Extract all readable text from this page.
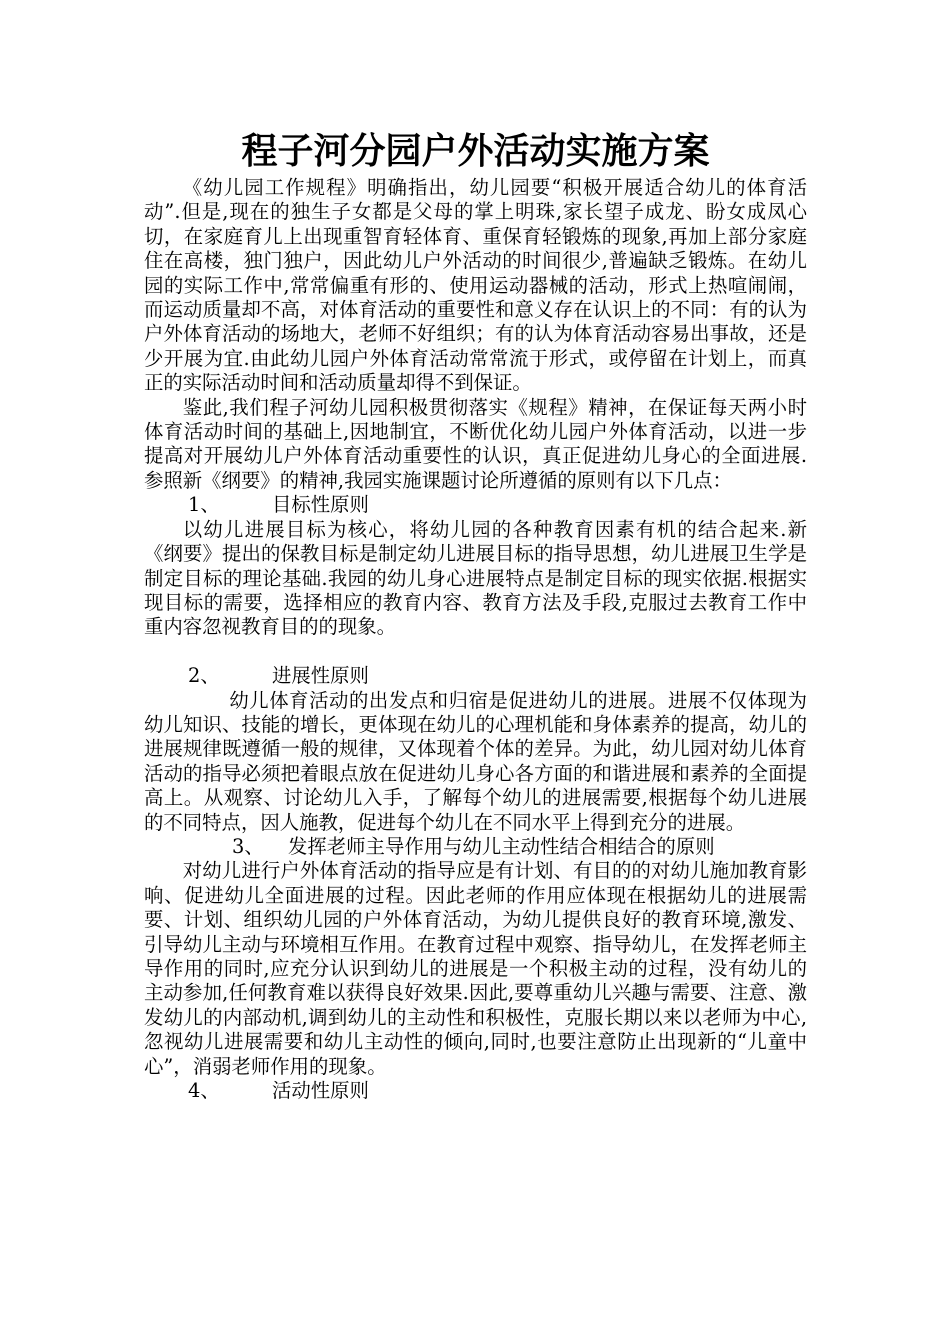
程子河分园户外活动实施方案

《幼儿园工作规程》明确指出，幼儿园要“积极开展适合幼儿的体育活动”.但是,现在的独生子女都是父母的掌上明珠,家长望子成龙、盼女成凤心切，在家庭育儿上出现重智育轻体育、重保育轻锻炼的现象,再加上部分家庭住在高楼，独门独户，因此幼儿户外活动的时间很少,普遍缺乏锻炼。在幼儿园的实际工作中,常常偏重有形的、使用运动器械的活动，形式上热喧闹闹，而运动质量却不高，对体育活动的重要性和意义存在认识上的不同：有的认为户外体育活动的场地大，老师不好组织；有的认为体育活动容易出事故，还是少开展为宜.由此幼儿园户外体育活动常常流于形式，或停留在计划上，而真正的实际活动时间和活动质量却得不到保证。

鉴此,我们程子河幼儿园积极贯彻落实《规程》精神，在保证每天两小时体育活动时间的基础上,因地制宜，不断优化幼儿园户外体育活动，以进一步提高对开展幼儿户外体育活动重要性的认识，真正促进幼儿身心的全面进展.参照新《纲要》的精神,我园实施课题讨论所遵循的原则有以下几点：

1、	目标性原则

以幼儿进展目标为核心，将幼儿园的各种教育因素有机的结合起来.新《纲要》提出的保教目标是制定幼儿进展目标的指导思想，幼儿进展卫生学是制定目标的理论基础.我园的幼儿身心进展特点是制定目标的现实依据.根据实现目标的需要，选择相应的教育内容、教育方法及手段,克服过去教育工作中重内容忽视教育目的的现象。

2、	进展性原则

幼儿体育活动的出发点和归宿是促进幼儿的进展。进展不仅体现为幼儿知识、技能的增长，更体现在幼儿的心理机能和身体素养的提高，幼儿的进展规律既遵循一般的规律，又体现着个体的差异。为此，幼儿园对幼儿体育活动的指导必须把着眼点放在促进幼儿身心各方面的和谐进展和素养的全面提高上。从观察、讨论幼儿入手，了解每个幼儿的进展需要,根据每个幼儿进展的不同特点，因人施教，促进每个幼儿在不同水平上得到充分的进展。

3、 发挥老师主导作用与幼儿主动性结合相结合的原则

对幼儿进行户外体育活动的指导应是有计划、有目的的对幼儿施加教育影响、促进幼儿全面进展的过程。因此老师的作用应体现在根据幼儿的进展需要、计划、组织幼儿园的户外体育活动，为幼儿提供良好的教育环境,激发、引导幼儿主动与环境相互作用。在教育过程中观察、指导幼儿，在发挥老师主导作用的同时,应充分认识到幼儿的进展是一个积极主动的过程，没有幼儿的主动参加,任何教育难以获得良好效果.因此,要尊重幼儿兴趣与需要、注意、激发幼儿的内部动机,调到幼儿的主动性和积极性，克服长期以来以老师为中心,忽视幼儿进展需要和幼儿主动性的倾向,同时,也要注意防止出现新的“儿童中心”，消弱老师作用的现象。

4、	活动性原则
